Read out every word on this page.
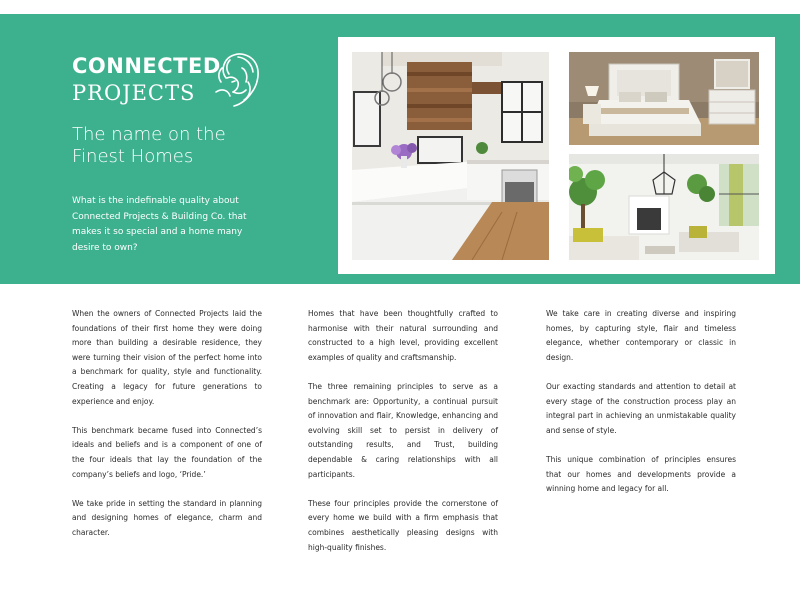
CONNECTED
PROJECTS
The name on the
Finest Homes
What is the indefinable quality about Connected Projects & Building Co. that makes it so special and a home many desire to own?

When the owners of Connected Projects laid the foundations of their first home they were doing more than building a desirable residence, they were turning their vision of the perfect home into a benchmark for quality, style and functionality. Creating a legacy for future generations to experience and enjoy.

This benchmark became fused into Connected’s ideals and beliefs and is a component of one of the four ideals that lay the foundation of the company’s beliefs and logo, ‘Pride.’

We take pride in setting the standard in planning and designing homes of elegance, charm and character.

Homes that have been thoughtfully crafted to harmonise with their natural surrounding and constructed to a high level, providing excellent examples of quality and craftsmanship.

The three remaining principles to serve as a benchmark are: Opportunity, a continual pursuit of innovation and flair, Knowledge, enhancing and evolving skill set to persist in delivery of outstanding results, and Trust, building dependable & caring relationships with all participants.

These four principles provide the cornerstone of every home we build with a firm emphasis that combines aesthetically pleasing designs with high-quality finishes.

We take care in creating diverse and inspiring homes, by capturing style, flair and timeless elegance, whether contemporary or classic in design.

Our exacting standards and attention to detail at every stage of the construction process play an integral part in achieving an unmistakable quality and sense of style.

This unique combination of principles ensures that our homes and developments provide a winning home and legacy for all.
